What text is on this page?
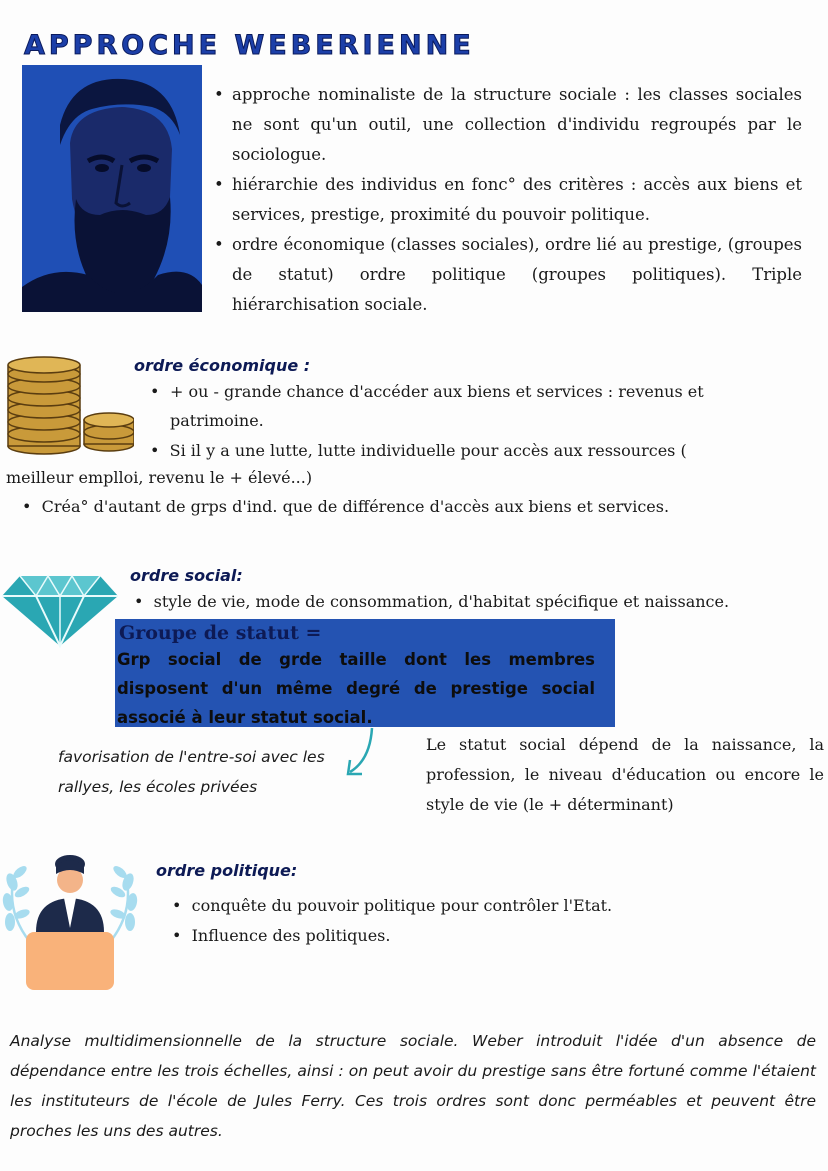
APPROCHE WEBERIENNE
• approche nominaliste de la structure sociale : les classes sociales ne sont qu'un outil, une collection d'individu regroupés par le sociologue.
• hiérarchie des individus en fonc° des critères : accès aux biens et services, prestige, proximité du pouvoir politique.
• ordre économique (classes sociales), ordre lié au prestige, (groupes de statut) ordre politique (groupes politiques). Triple hiérarchisation sociale.
ordre économique :
• + ou - grande chance d'accéder aux biens et services : revenus et patrimoine.
•  Si il y a une lutte, lutte individuelle pour accès aux ressources (
meilleur emplloi, revenu le + élevé...)
•  Créa° d'autant de grps d'ind. que de différence d'accès aux biens et services.
ordre social:
•  style de vie, mode de consommation, d'habitat spécifique et naissance.
Groupe de statut =
Grp social de grde taille dont les membres disposent d'un même degré de prestige social associé à leur statut social.
favorisation de l'entre-soi avec les rallyes, les écoles privées
Le statut social dépend de la naissance, la profession, le niveau d'éducation ou encore le style de vie (le + déterminant)
ordre politique:
•  conquête du pouvoir politique pour contrôler l'Etat.
•  Influence des politiques.
Analyse multidimensionnelle de la structure sociale. Weber introduit l'idée d'un absence de dépendance entre les trois échelles, ainsi : on peut avoir du prestige sans être fortuné comme l'étaient les instituteurs de l'école de Jules Ferry. Ces trois ordres sont donc perméables et peuvent être proches les uns des autres.
